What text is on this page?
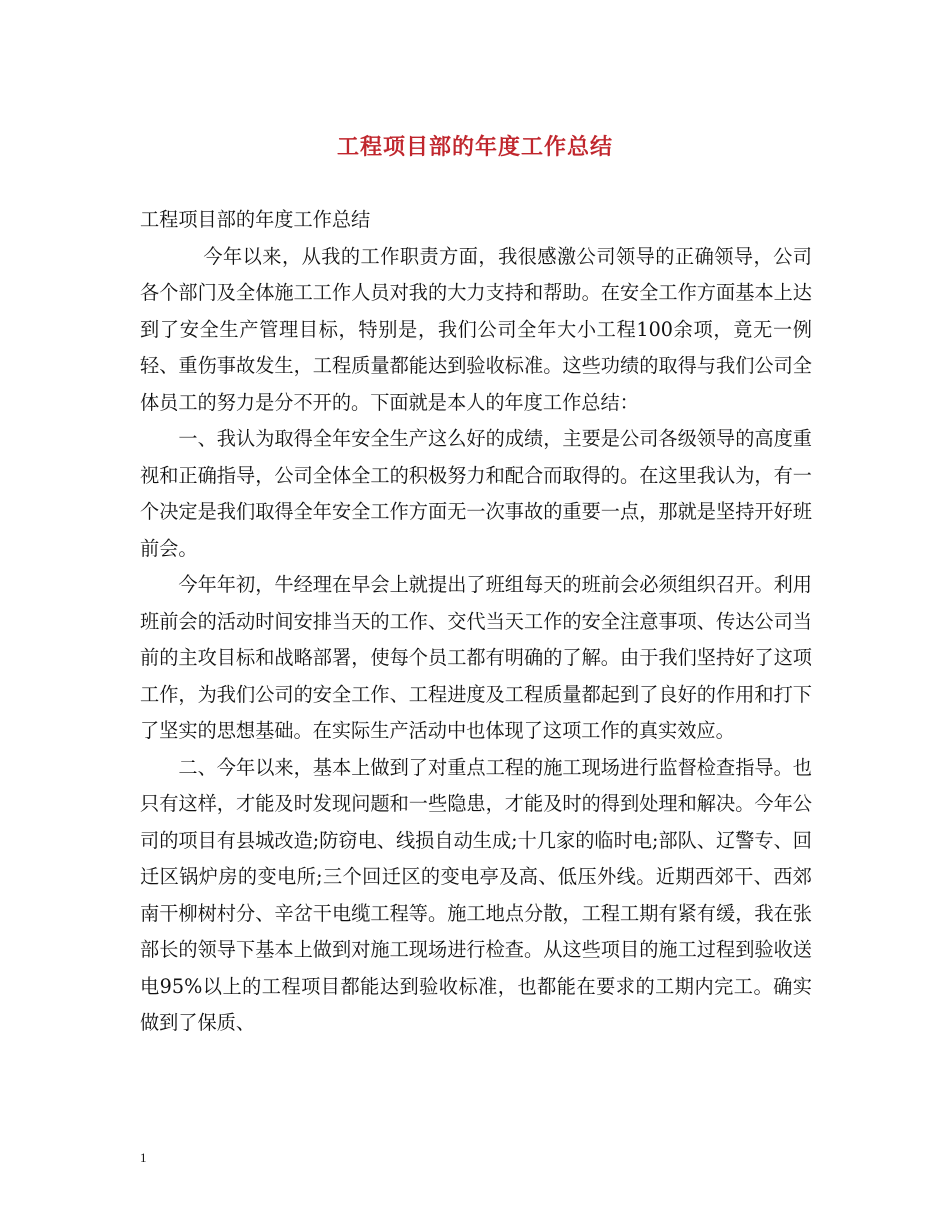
工程项目部的年度工作总结

工程项目部的年度工作总结

今年以来，从我的工作职责方面，我很感激公司领导的正确领导，公司各个部门及全体施工工作人员对我的大力支持和帮助。在安全工作方面基本上达到了安全生产管理目标，特别是，我们公司全年大小工程100余项，竟无一例轻、重伤事故发生，工程质量都能达到验收标准。这些功绩的取得与我们公司全体员工的努力是分不开的。下面就是本人的年度工作总结：

一、我认为取得全年安全生产这么好的成绩，主要是公司各级领导的高度重视和正确指导，公司全体全工的积极努力和配合而取得的。在这里我认为，有一个决定是我们取得全年安全工作方面无一次事故的重要一点，那就是坚持开好班前会。

今年年初，牛经理在早会上就提出了班组每天的班前会必须组织召开。利用班前会的活动时间安排当天的工作、交代当天工作的安全注意事项、传达公司当前的主攻目标和战略部署，使每个员工都有明确的了解。由于我们坚持好了这项工作，为我们公司的安全工作、工程进度及工程质量都起到了良好的作用和打下了坚实的思想基础。在实际生产活动中也体现了这项工作的真实效应。

二、今年以来，基本上做到了对重点工程的施工现场进行监督检查指导。也只有这样，才能及时发现问题和一些隐患，才能及时的得到处理和解决。今年公司的项目有县城改造;防窃电、线损自动生成;十几家的临时电;部队、辽警专、回迁区锅炉房的变电所;三个回迁区的变电亭及高、低压外线。近期西郊干、西郊南干柳树村分、辛岔干电缆工程等。施工地点分散，工程工期有紧有缓，我在张部长的领导下基本上做到对施工现场进行检查。从这些项目的施工过程到验收送电95%以上的工程项目都能达到验收标准，也都能在要求的工期内完工。确实做到了保质、

1
